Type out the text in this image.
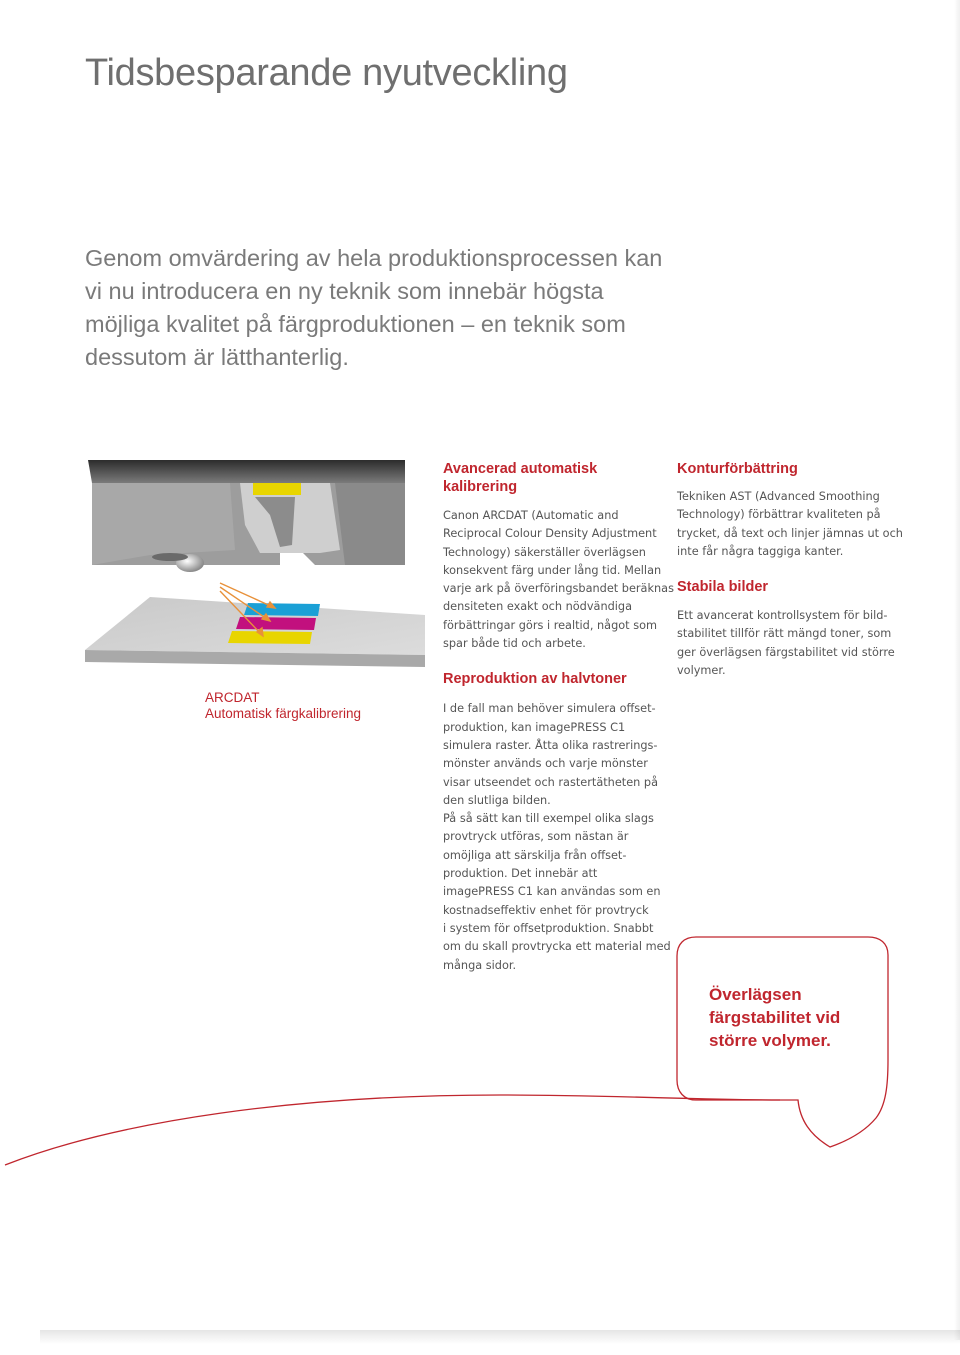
Tidsbesparande nyutveckling
Genom omvärdering av hela produktionsprocessen kan
vi nu introducera en ny teknik som innebär högsta
möjliga kvalitet på färgproduktionen – en teknik som
dessutom är lätthanterlig.
ARCDAT
Automatisk färgkalibrering
Avancerad automatisk
kalibrering

Canon ARCDAT (Automatic and
Reciprocal Colour Density Adjustment
Technology) säkerställer överlägsen
konsekvent färg under lång tid. Mellan
varje ark på överföringsbandet beräknas
densiteten exakt och nödvändiga
förbättringar görs i realtid, något som
spar både tid och arbete.

Reproduktion av halvtoner

I de fall man behöver simulera offset-
produktion, kan imagePRESS C1
simulera raster. Åtta olika rastrerings-
mönster används och varje mönster
visar utseendet och rastertätheten på
den slutliga bilden.
På så sätt kan till exempel olika slags
provtryck utföras, som nästan är
omöjliga att särskilja från offset-
produktion. Det innebär att
imagePRESS C1 kan användas som en
kostnadseffektiv enhet för provtryck
i system för offsetproduktion. Snabbt
om du skall provtrycka ett material med
många sidor.

Konturförbättring

Tekniken AST (Advanced Smoothing
Technology) förbättrar kvaliteten på
trycket, då text och linjer jämnas ut och
inte får några taggiga kanter.

Stabila bilder

Ett avancerat kontrollsystem för bild-
stabilitet tillför rätt mängd toner, som
ger överlägsen färgstabilitet vid större
volymer.

Överlägsen
färgstabilitet vid
större volymer.
